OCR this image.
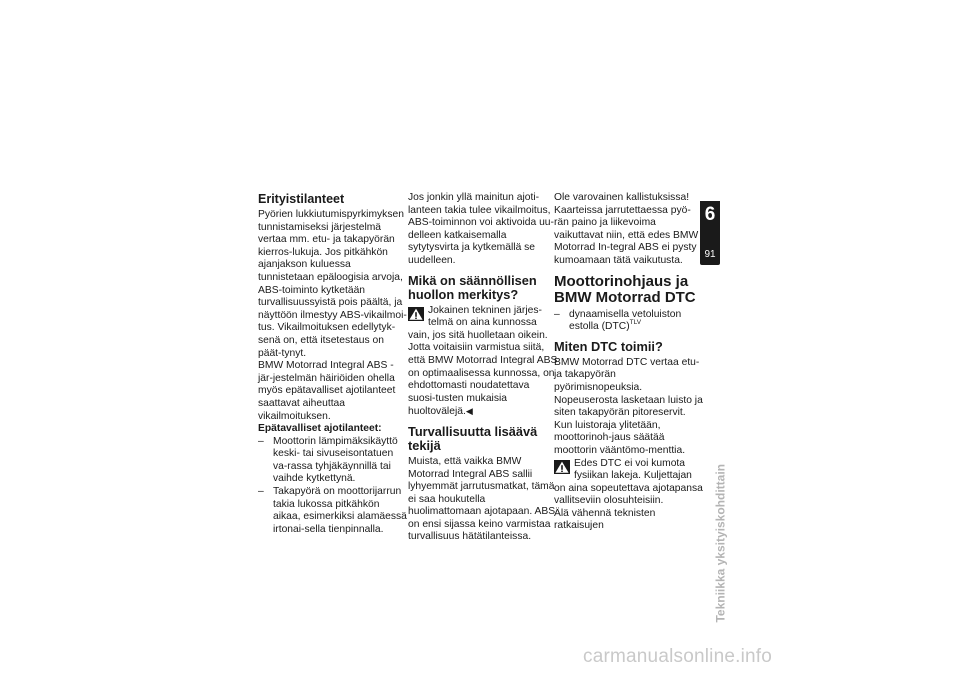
Erityistilanteet

Pyörien lukkiutumispyrkimyksen tunnistamiseksi järjestelmä vertaa mm. etu- ja takapyörän kierros-lukuja. Jos pitkähkön ajanjakson kuluessa tunnistetaan epäloogisia arvoja, ABS-toiminto kytketään turvallisuussyistä pois päältä, ja näyttöön ilmestyy ABS-vikailmoi-tus. Vikailmoituksen edellytyk-senä on, että itsetestaus on päät-tynyt.

BMW Motorrad Integral ABS -jär-jestelmän häiriöiden ohella myös epätavalliset ajotilanteet saattavat aiheuttaa vikailmoituksen.

Epätavalliset ajotilanteet:

– Moottorin lämpimäksikäyttö keski- tai sivuseisontatuen va-rassa tyhjäkäynnillä tai vaihde kytkettynä.
– Takapyörä on moottorijarrun takia lukossa pitkähkön aikaa, esimerkiksi alamäessä irtonai-sella tienpinnalla.

Jos jonkin yllä mainitun ajoti-lanteen takia tulee vikailmoitus, ABS-toiminnon voi aktivoida uu-delleen katkaisemalla sytytysvirta ja kytkemällä se uudelleen.

Mikä on säännöllisen huollon merkitys?
Jokainen tekninen järjes-telmä on aina kunnossa vain, jos sitä huolletaan oikein. Jotta voitaisiin varmistua siitä, että BMW Motorrad Integral ABS on optimaalisessa kunnossa, on ehdottomasti noudatettava suosi-tusten mukaisia huoltovälejä.◀
Turvallisuutta lisäävä tekijä

Muista, että vaikka BMW Motorrad Integral ABS sallii lyhyemmät jarrutusmatkat, tämä ei saa houkutella huolimattomaan ajotapaan. ABS on ensi sijassa keino varmistaa turvallisuus hätätilanteissa.

Ole varovainen kallistuksissa! Kaarteissa jarrutettaessa pyö-rän paino ja liikevoima vaikuttavat niin, että edes BMW Motorrad In-tegral ABS ei pysty kumoamaan tätä vaikutusta.

Moottorinohjaus ja BMW Motorrad DTC
– dynaamisella vetoluiston estolla (DTC)$^{TLV}$
Miten DTC toimii?

BMW Motorrad DTC vertaa etu-ja takapyörän pyörimisnopeuksia. Nopeuserosta lasketaan luisto ja siten takapyörän pitoreservit. Kun luistoraja ylitetään, moottorinoh-jaus säätää moottorin vääntömo-menttia.

Edes DTC ei voi kumota fysiikan lakeja. Kuljettajan on aina sopeutettava ajotapansa vallitseviin olosuhteisiin.

Älä vähennä teknisten ratkaisujen

6
91
Tekniikka yksityiskohdittain
carmanualsonline.info
